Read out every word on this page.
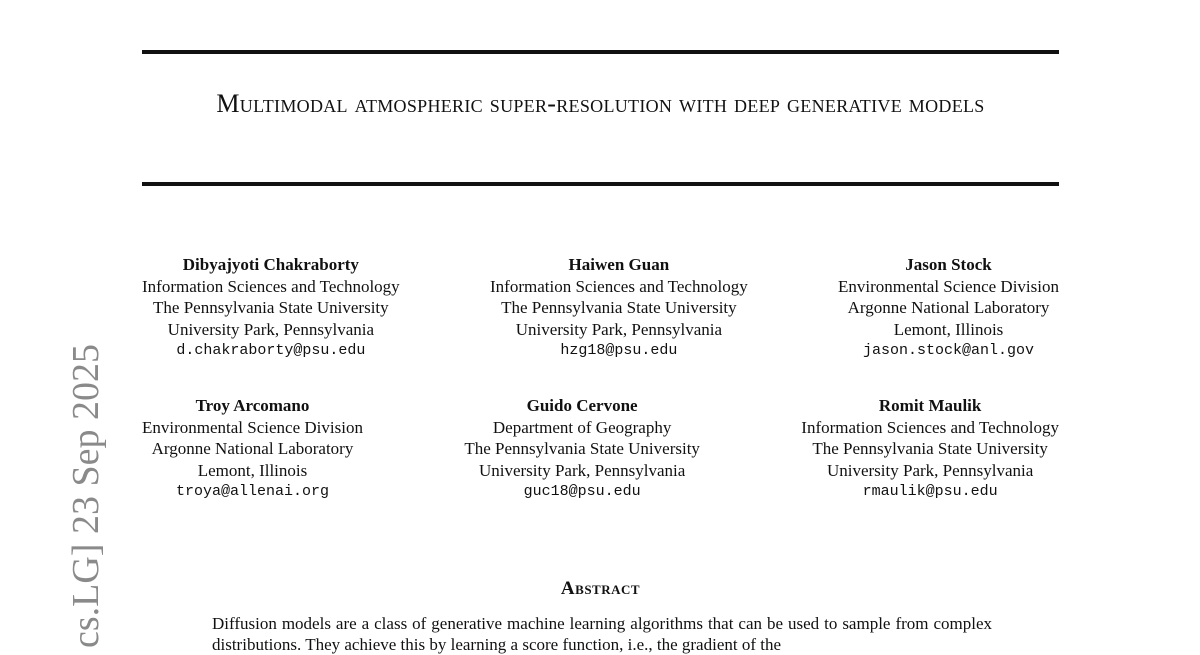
cs.LG] 23 Sep 2025
Multimodal atmospheric super-resolution with deep generative models
Dibyajyoti Chakraborty
Information Sciences and Technology
The Pennsylvania State University
University Park, Pennsylvania
d.chakraborty@psu.edu
Haiwen Guan
Information Sciences and Technology
The Pennsylvania State University
University Park, Pennsylvania
hzg18@psu.edu
Jason Stock
Environmental Science Division
Argonne National Laboratory
Lemont, Illinois
jason.stock@anl.gov
Troy Arcomano
Environmental Science Division
Argonne National Laboratory
Lemont, Illinois
troya@allenai.org
Guido Cervone
Department of Geography
The Pennsylvania State University
University Park, Pennsylvania
guc18@psu.edu
Romit Maulik
Information Sciences and Technology
The Pennsylvania State University
University Park, Pennsylvania
rmaulik@psu.edu
Abstract
Diffusion models are a class of generative machine learning algorithms that can be used to sample from complex distributions. They achieve this by learning a score function, i.e., the gradient of the
